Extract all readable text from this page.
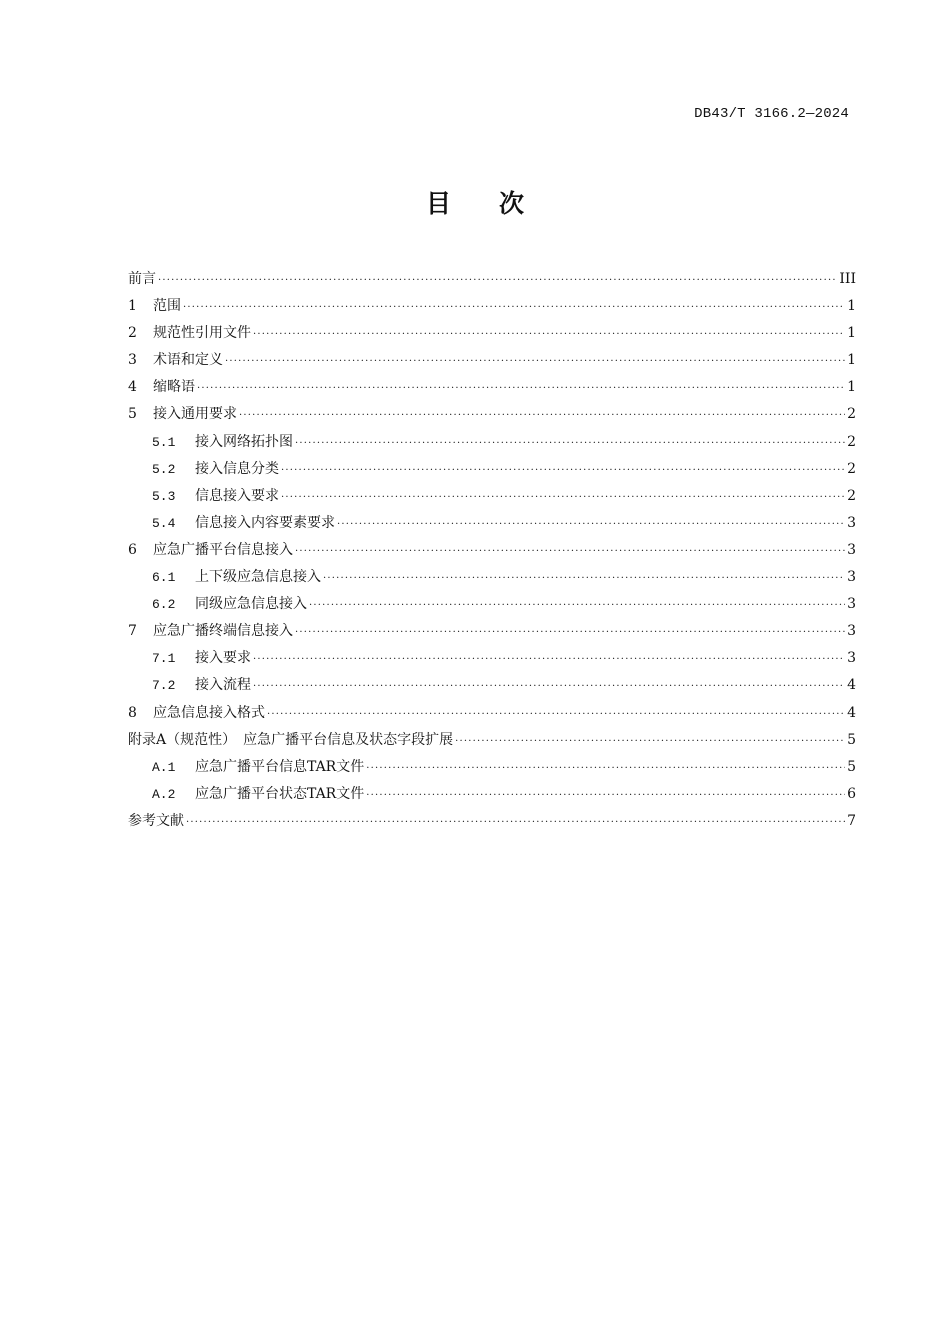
DB43/T 3166.2—2024
目 次
前言 ·····	III
1	范围 ·····	1
2	规范性引用文件 ·····	1
3	术语和定义 ·····	1
4	缩略语 ·····	1
5	接入通用要求 ·····	2
5.1	接入网络拓扑图 ·····	2
5.2	接入信息分类 ·····	2
5.3	信息接入要求 ·····	2
5.4	信息接入内容要素要求 ·····	3
6	应急广播平台信息接入 ·····	3
6.1	上下级应急信息接入 ·····	3
6.2	同级应急信息接入 ·····	3
7	应急广播终端信息接入 ·····	3
7.1	接入要求 ·····	3
7.2	接入流程 ·····	4
8	应急信息接入格式 ·····	4
附录A（规范性）　应急广播平台信息及状态字段扩展 ·····	5
A.1	应急广播平台信息TAR文件 ·····	5
A.2	应急广播平台状态TAR文件 ·····	6
参考文献 ·····	7
